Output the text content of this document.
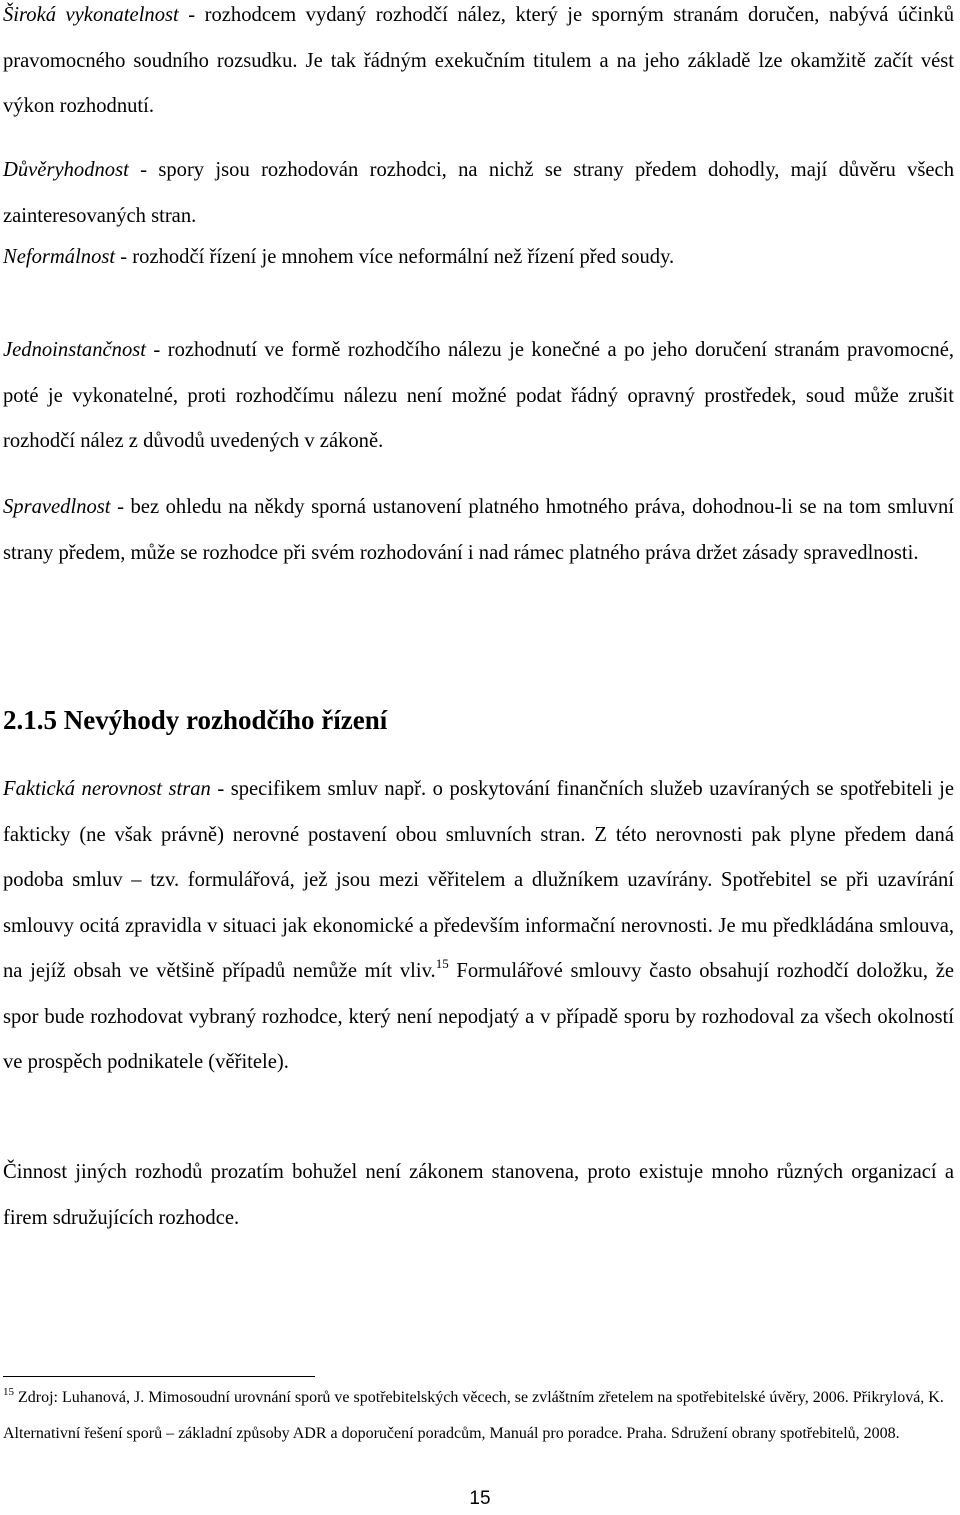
Široká vykonatelnost - rozhodcem vydaný rozhodčí nález, který je sporným stranám doručen, nabývá účinků pravomocného soudního rozsudku. Je tak řádným exekučním titulem a na jeho základě lze okamžitě začít vést výkon rozhodnutí.

Důvěryhodnost - spory jsou rozhodován rozhodci, na nichž se strany předem dohodly, mají důvěru všech zainteresovaných stran.

Neformálnost - rozhodčí řízení je mnohem více neformální než řízení před soudy.

Jednoinstančnost - rozhodnutí ve formě rozhodčího nálezu je konečné a po jeho doručení stranám pravomocné, poté je vykonatelné, proti rozhodčímu nálezu není možné podat řádný opravný prostředek, soud může zrušit rozhodčí nález z důvodů uvedených v zákoně.

Spravedlnost - bez ohledu na někdy sporná ustanovení platného hmotného práva, dohodnou-li se na tom smluvní strany předem, může se rozhodce při svém rozhodování i nad rámec platného práva držet zásady spravedlnosti.

2.1.5 Nevýhody rozhodčího řízení

Faktická nerovnost stran - specifikem smluv např. o poskytování finančních služeb uzavíraných se spotřebiteli je fakticky (ne však právně) nerovné postavení obou smluvních stran. Z této nerovnosti pak plyne předem daná podoba smluv – tzv. formulářová, jež jsou mezi věřitelem a dlužníkem uzavírány. Spotřebitel se při uzavírání smlouvy ocitá zpravidla v situaci jak ekonomické a především informační nerovnosti. Je mu předkládána smlouva, na jejíž obsah ve většině případů nemůže mít vliv.$^{15}$ Formulářové smlouvy často obsahují rozhodčí doložku, že spor bude rozhodovat vybraný rozhodce, který není nepodjatý a v případě sporu by rozhodoval za všech okolností ve prospěch podnikatele (věřitele).

Činnost jiných rozhodů prozatím bohužel není zákonem stanovena, proto existuje mnoho různých organizací a firem sdružujících rozhodce.

$^{15}$ Zdroj: Luhanová, J. Mimosoudní urovnání sporů ve spotřebitelských věcech, se zvláštním zřetelem na spotřebitelské úvěry, 2006. Přikrylová, K. Alternativní řešení sporů – základní způsoby ADR a doporučení poradcům, Manuál pro poradce. Praha. Sdružení obrany spotřebitelů, 2008.

15
